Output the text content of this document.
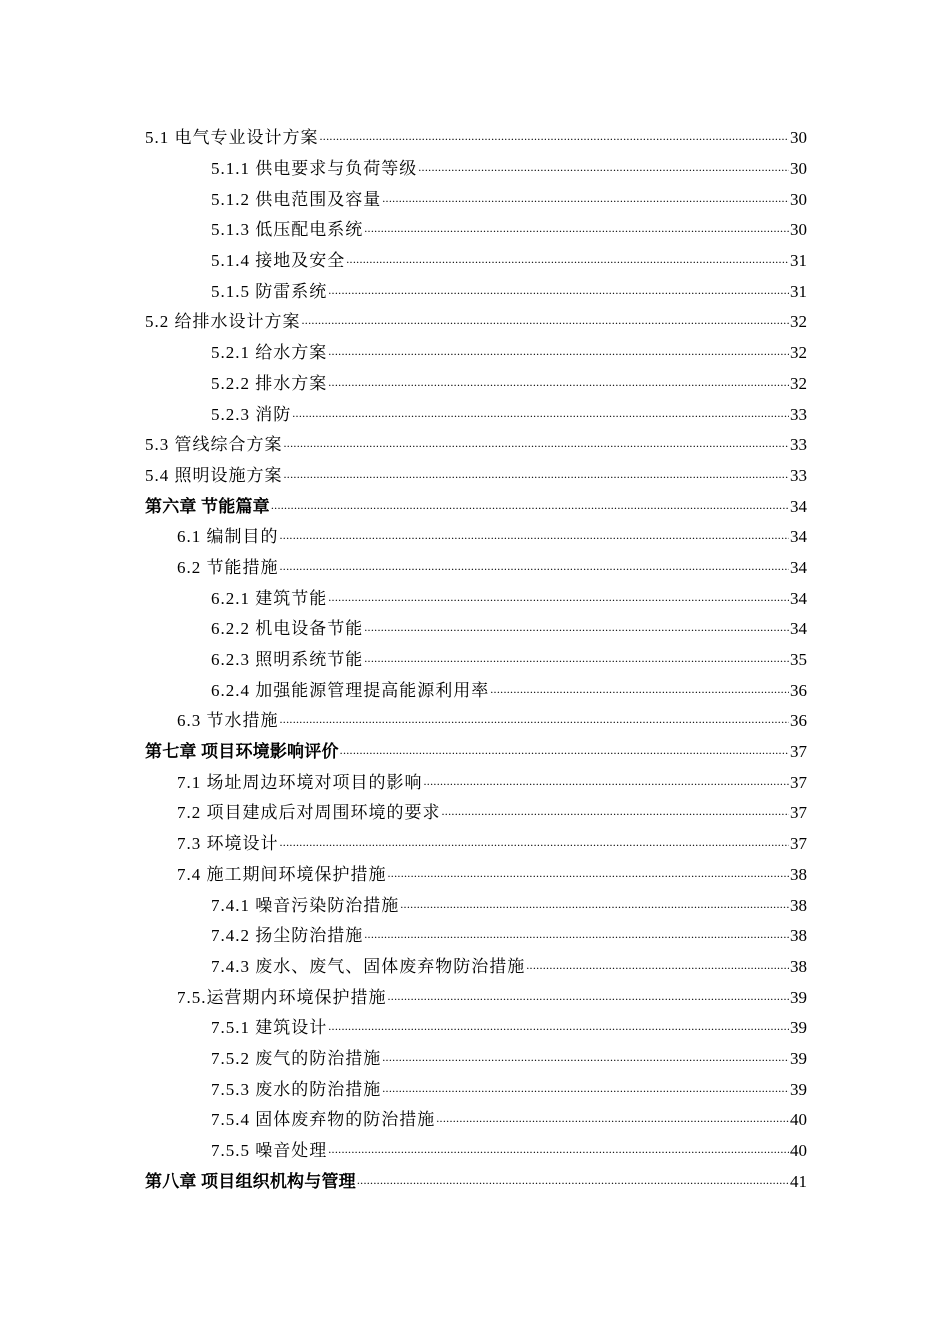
5.1 电气专业设计方案 .....	30
5.1.1 供电要求与负荷等级 .....	30
5.1.2 供电范围及容量 .....	30
5.1.3 低压配电系统 .....	30
5.1.4 接地及安全 .....	31
5.1.5 防雷系统 .....	31
5.2 给排水设计方案 .....	32
5.2.1 给水方案 .....	32
5.2.2 排水方案 .....	32
5.2.3 消防 .....	33
5.3 管线综合方案 .....	33
5.4 照明设施方案 .....	33
第六章 节能篇章 .....	34
6.1 编制目的 .....	34
6.2 节能措施 .....	34
6.2.1 建筑节能 .....	34
6.2.2 机电设备节能 .....	34
6.2.3 照明系统节能 .....	35
6.2.4 加强能源管理提高能源利用率 .....	36
6.3 节水措施 .....	36
第七章 项目环境影响评价 .....	37
7.1 场址周边环境对项目的影响 .....	37
7.2 项目建成后对周围环境的要求 .....	37
7.3 环境设计 .....	37
7.4 施工期间环境保护措施 .....	38
7.4.1 噪音污染防治措施 .....	38
7.4.2 扬尘防治措施 .....	38
7.4.3 废水、废气、固体废弃物防治措施 .....	38
7.5.运营期内环境保护措施 .....	39
7.5.1 建筑设计 .....	39
7.5.2 废气的防治措施 .....	39
7.5.3 废水的防治措施 .....	39
7.5.4 固体废弃物的防治措施 .....	40
7.5.5 噪音处理 .....	40
第八章 项目组织机构与管理 .....	41
